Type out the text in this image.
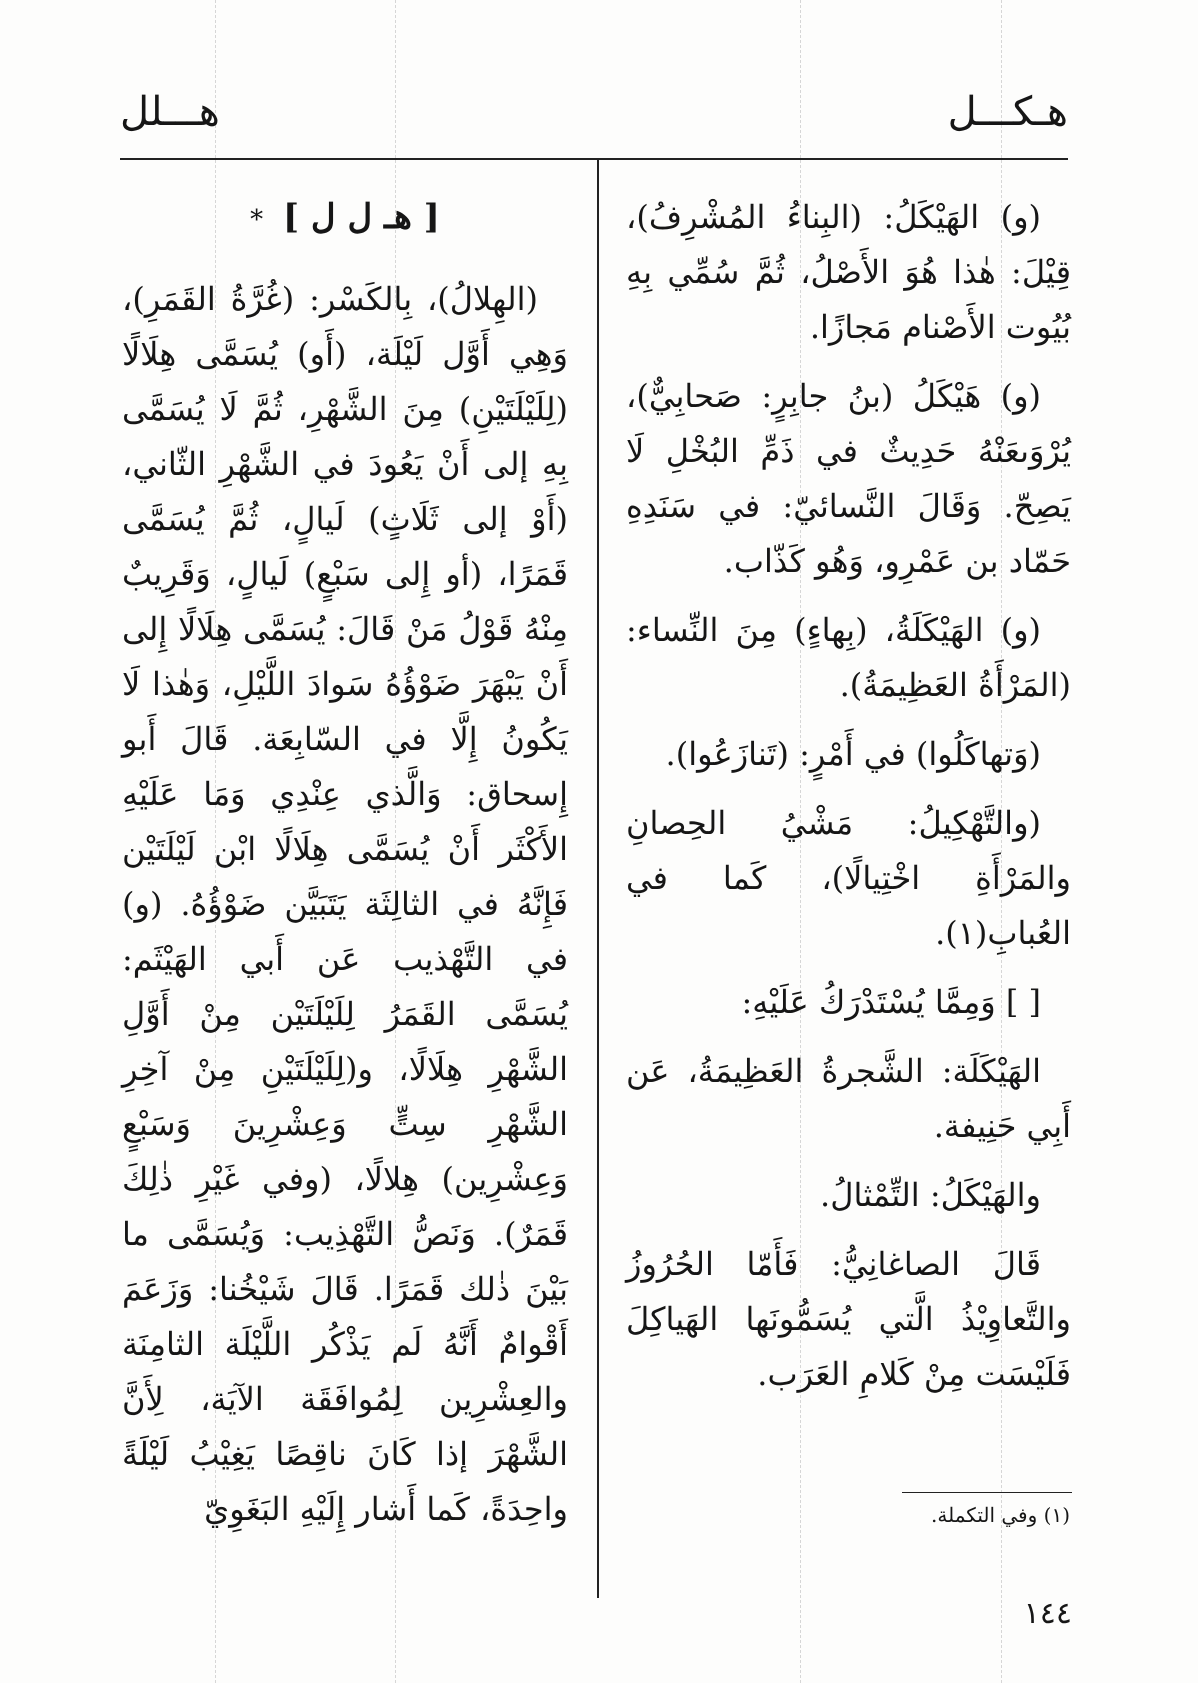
هـكـــل
هـــلل

(و) الهَيْكَلُ: (البِناءُ المُشْرِفُ)، قِيْلَ: هٰذا هُوَ الأَصْلُ، ثُمَّ سُمِّي بِهِ بُيُوت الأَصْنام مَجازًا.

(و) هَيْكَلُ (بنُ جابِرٍ: صَحابِيٌّ)، يُرْوَىعَنْهُ حَدِيثٌ في ذَمِّ البُخْلِ لَا يَصِحّ. وَقَالَ النَّسائيّ: في سَنَدِهِ حَمّاد بن عَمْرِو، وَهُو كَذّاب.

(و) الهَيْكَلَةُ، (بِهاءٍ) مِنَ النِّساء: (المَرْأَةُ العَظِيمَةُ).

(وَتهاكَلُوا) في أَمْرٍ: (تَنازَعُوا).

(والتَّهْكِيلُ: مَشْيُ الحِصانِ والمَرْأَةِ اخْتِيالًا)، كَما في العُبابِ(١).

[ ] وَمِمَّا يُسْتَدْرَكُ عَلَيْهِ:

الهَيْكَلَة: الشَّجرةُ العَظِيمَةُ، عَن أَبِي حَنِيفة.

والهَيْكَلُ: التِّمْثالُ.

قَالَ الصاغانِيُّ: فَأَمّا الحُرُوزُ والتَّعاوِيْذُ الَّتي يُسَمُّونَها الهَياكِلَ فَلَيْسَت مِنْ كَلامِ العَرَب.

[ هـ ل ل ] *

(الهِلالُ)، بِالكَسْر: (غُرَّةُ القَمَرِ)، وَهِي أَوَّل لَيْلَة، (أَو) يُسَمَّى هِلَالًا (لِلَيْلَتَيْنِ) مِنَ الشَّهْرِ، ثُمَّ لَا يُسَمَّى بِهِ إلى أَنْ يَعُودَ في الشَّهْرِ الثّاني، (أَوْ إلى ثَلَاثٍ) لَيالٍ، ثُمَّ يُسَمَّى قَمَرًا، (أو إِلى سَبْعٍ) لَيالٍ، وَقَرِيبٌ مِنْهُ قَوْلُ مَنْ قَالَ: يُسَمَّى هِلَالًا إِلى أَنْ يَبْهَرَ ضَوْؤُهُ سَوادَ اللَّيْلِ، وَهٰذا لَا يَكُونُ إِلَّا في السّابِعَة. قَالَ أَبو إِسحاق: وَالَّذي عِنْدِي وَمَا عَلَيْهِ الأَكْثَر أَنْ يُسَمَّى هِلَالًا ابْن لَيْلَتَيْن فَإِنَّهُ في الثالِثَة يَتَبَيَّن ضَوْؤُهُ. (و) في التَّهْذيب عَن أَبي الهَيْثَم: يُسَمَّى القَمَرُ لِلَيْلَتَيْن مِنْ أَوَّلِ الشَّهْرِ هِلَالًا، و(لِلَيْلَتَيْنِ مِنْ آخِرِ الشَّهْرِ سِتٍّ وَعِشْرِينَ وَسَبْعٍ وَعِشْرِين) هِلالًا، (وفي غَيْرِ ذٰلِكَ قَمَرٌ). وَنَصُّ التَّهْذِيب: وَيُسَمَّى ما بَيْنَ ذٰلك قَمَرًا. قَالَ شَيْخُنا: وَزَعَمَ أَقْوامٌ أَنَّهُ لَم يَذْكُر اللَّيْلَة الثامِنَة والعِشْرِين لِمُوافَقَة الآيَة، لِأَنَّ الشَّهْرَ إذا كَانَ ناقِصًا يَغِيْبُ لَيْلَةً واحِدَةً، كَما أَشار إِلَيْهِ البَغَوِيّ	(١) وفي التكملة.
١٤٤
